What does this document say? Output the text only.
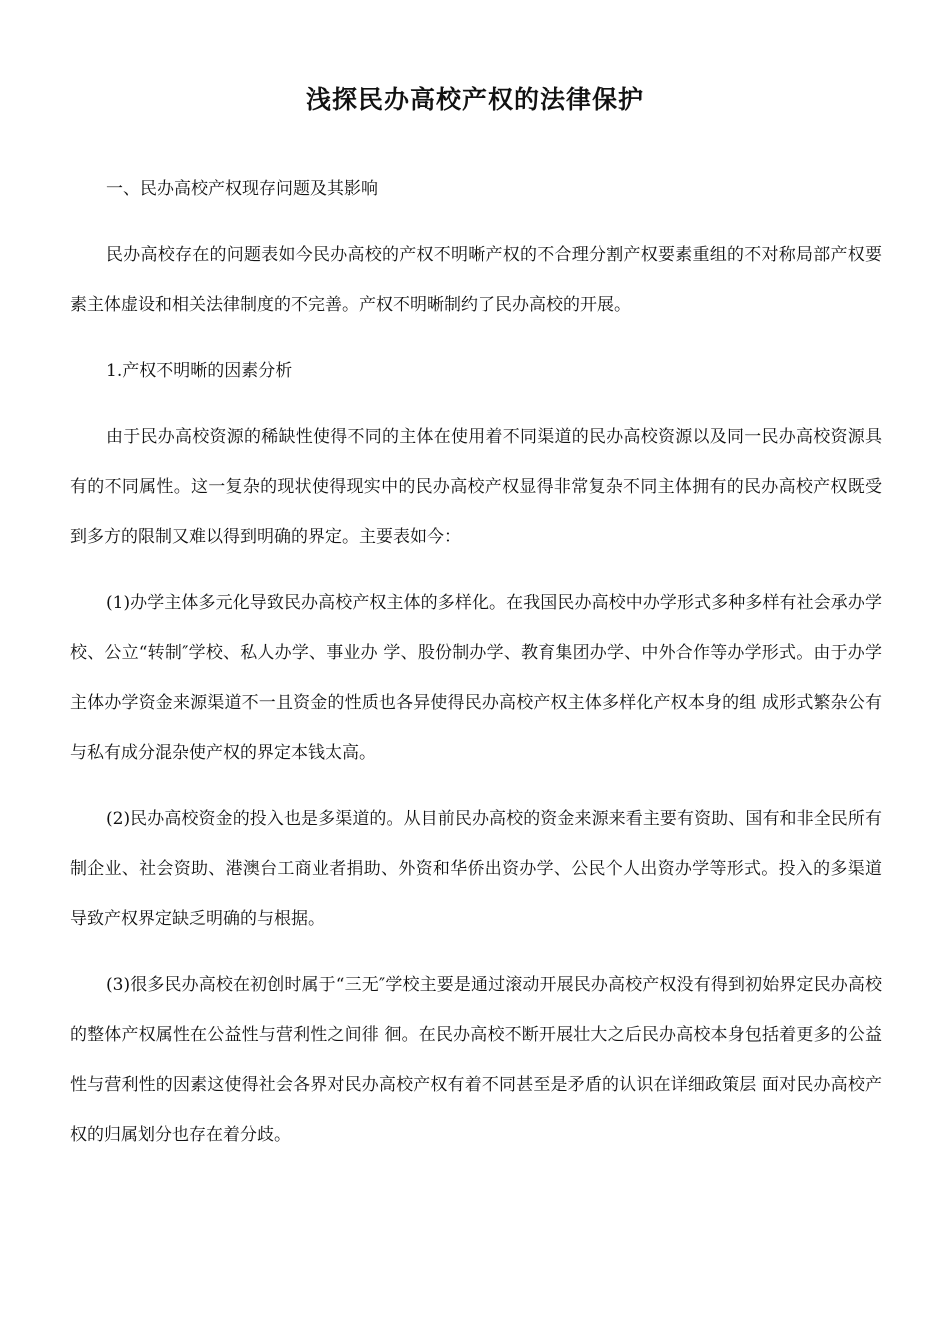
浅探民办高校产权的法律保护

一、民办高校产权现存问题及其影响

民办高校存在的问题表如今民办高校的产权不明晰产权的不合理分割产权要素重组的不对称局部产权要素主体虚设和相关法律制度的不完善。产权不明晰制约了民办高校的开展。

1.产权不明晰的因素分析

由于民办高校资源的稀缺性使得不同的主体在使用着不同渠道的民办高校资源以及同一民办高校资源具有的不同属性。这一复杂的现状使得现实中的民办高校产权显得非常复杂不同主体拥有的民办高校产权既受到多方的限制又难以得到明确的界定。主要表如今：

(1)办学主体多元化导致民办高校产权主体的多样化。在我国民办高校中办学形式多种多样有社会承办学校、公立“转制″学校、私人办学、事业办 学、股份制办学、教育集团办学、中外合作等办学形式。由于办学主体办学资金来源渠道不一且资金的性质也各异使得民办高校产权主体多样化产权本身的组 成形式繁杂公有与私有成分混杂使产权的界定本钱太高。

(2)民办高校资金的投入也是多渠道的。从目前民办高校的资金来源来看主要有资助、国有和非全民所有制企业、社会资助、港澳台工商业者捐助、外资和华侨出资办学、公民个人出资办学等形式。投入的多渠道导致产权界定缺乏明确的与根据。

(3)很多民办高校在初创时属于“三无″学校主要是通过滚动开展民办高校产权没有得到初始界定民办高校的整体产权属性在公益性与营利性之间徘 徊。在民办高校不断开展壮大之后民办高校本身包括着更多的公益性与营利性的因素这使得社会各界对民办高校产权有着不同甚至是矛盾的认识在详细政策层 面对民办高校产权的归属划分也存在着分歧。
